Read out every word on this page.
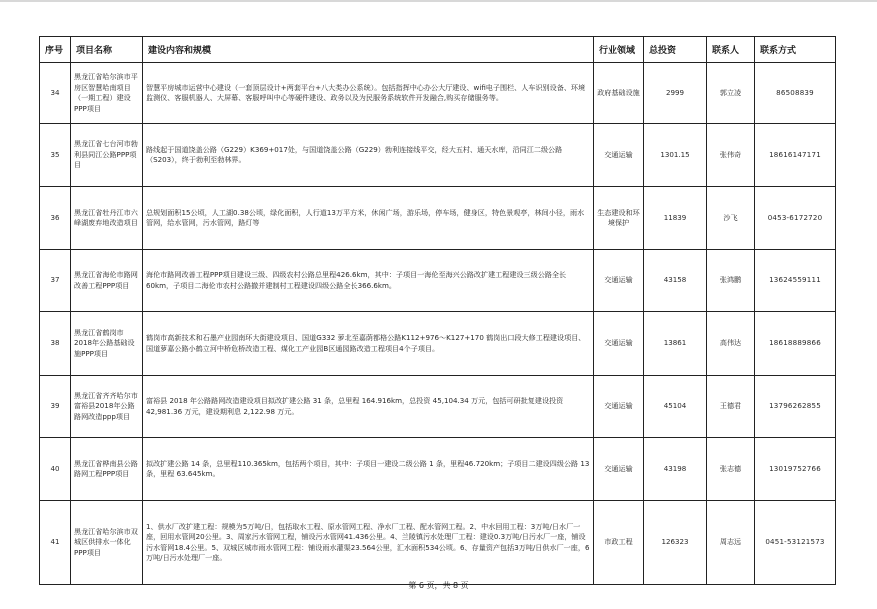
序号	项目名称	建设内容和规模	行业领域	总投资	联系人	联系方式
34	黑龙江省哈尔滨市平房区智慧哈南项目（一期工程）建设PPP项目	智慧平房城市运营中心建设（一套顶层设计+两套平台+八大类办公系统）。包括指挥中心办公大厅建设、wifi电子围栏、人车识别设备、环境监测仪、客服机器人、大屏幕、客服呼叫中心等硬件建设、政务以及为民服务系统软件开发融合,购买存储服务等。	政府基础设施	2999	郭立凌	86508839
35	黑龙江省七台河市勃利县同江公路PPP项目	路线起于国道饶盖公路（G229）K369+017处，与国道饶盖公路（G229）勃利连接线平交，经大五村、通天水库，沿同江二级公路（S203），终于勃利至勃林界。	交通运输	1301.15	张伟奇	18616147171
36	黑龙江省牡丹江市六峰湖废弃地改造项目	总规划面积15公顷，人工湖0.38公顷，绿化面积，人行道13万平方米，休闲广场，游乐场，停车场，健身区，特色景观亭，林间小径，雨水管网，给水管网，污水管网，路灯等	生态建设和环境保护	11839	沙飞	0453-6172720
37	黑龙江省海伦市路网改善工程PPP项目	海伦市路网改善工程PPP项目建设三级、四级农村公路总里程426.6km，其中：子项目一海伦至海兴公路改扩建工程建设三级公路全长60km，子项目二海伦市农村公路撤并建制村工程建设四级公路全长366.6km。	交通运输	43158	张鸿鹏	13624559111
38	黑龙江省鹤岗市2018年公路基础设施PPP项目	鹤岗市高新技术和石墨产业园南环大街建设项目、国道G332 萝北至嘉荫都格公路K112+976～K127+170 鹤岗出口段大修工程建设项目、国道萝嘉公路小鹤立河中桥危桥改造工程、煤化工产业园B区通园路改造工程项目4个子项目。	交通运输	13861	高伟达	18618889866
39	黑龙江省齐齐哈尔市富裕县2018年公路路网改造ppp项目	富裕县 2018 年公路路网改造建设项目拟改扩建公路 31 条，总里程 164.916km，总投资 45,104.34 万元，包括可研批复建设投资42,981.36 万元，建设期利息 2,122.98 万元。	交通运输	45104	王德君	13796262855
40	黑龙江省桦南县公路路网工程PPP项目	拟改扩建公路 14 条，总里程110.365km，包括两个项目，其中：子项目一建设二级公路 1 条，里程46.720km；子项目二建设四级公路 13 条，里程 63.645km。	交通运输	43198	张志德	13019752766
41	黑龙江省哈尔滨市双城区供排水一体化PPP项目	1、供水厂改扩建工程：规模为5万吨/日，包括取水工程、原水管网工程、净水厂工程、配水管网工程。2、中水回用工程：3万吨/日水厂一座，回用水管网20公里。3、周家污水管网工程，铺设污水管网41.436公里。4、兰陵镇污水处理厂工程：建设0.3万吨/日污水厂一座，铺设污水管网18.4公里。5、双城区城市雨水管网工程：铺设雨水灌渠23.564公里，汇水面积534公顷。6、存量资产包括3万吨/日供水厂一座，6万吨/日污水处理厂一座。	市政工程	126323	周志远	0451-53121573
第 6 页，共 8 页
